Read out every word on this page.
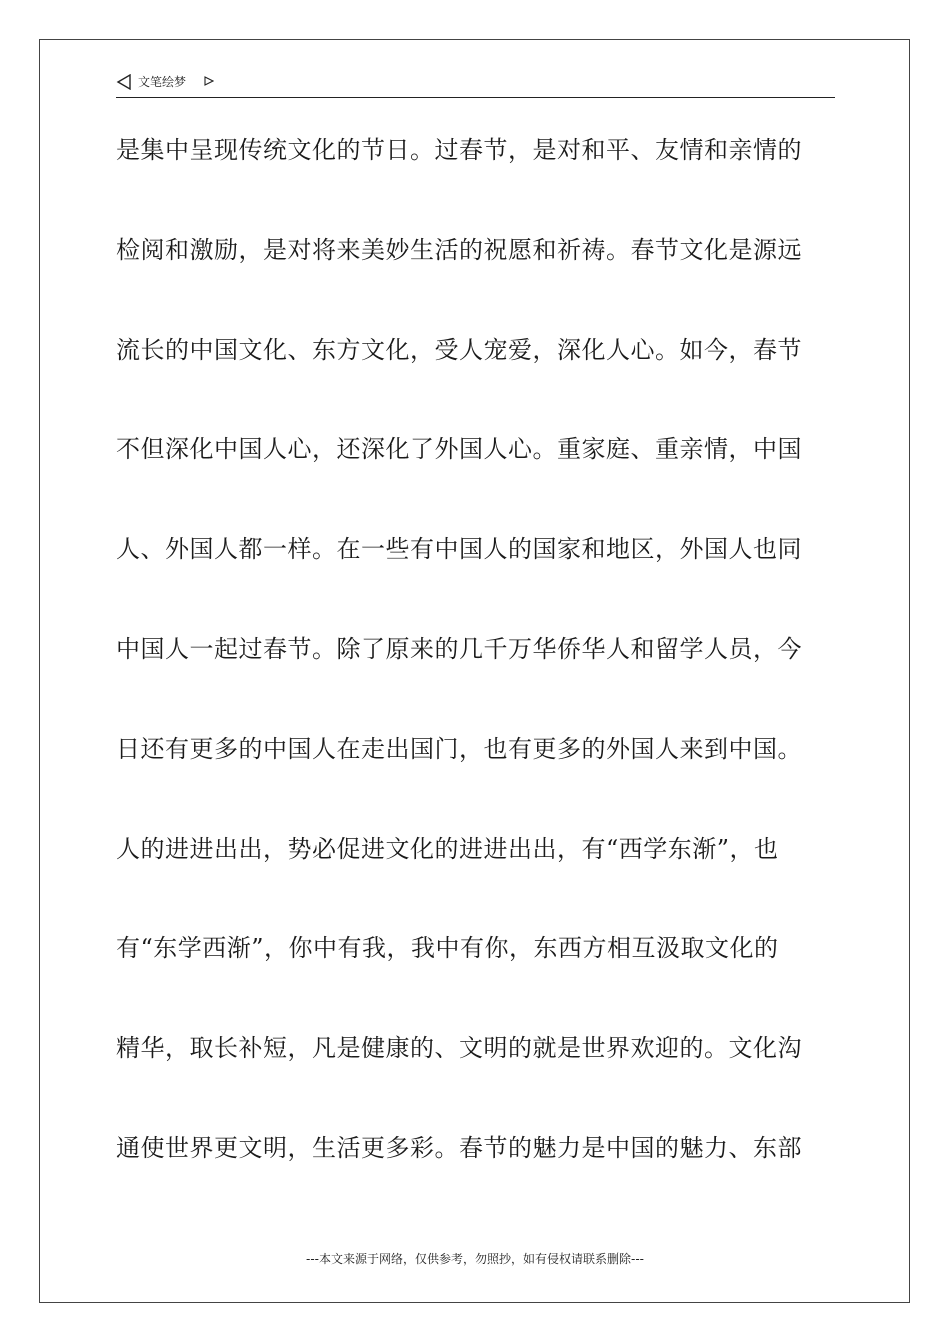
文笔绘梦
是集中呈现传统文化的节日。过春节，是对和平、友情和亲情的
检阅和激励，是对将来美妙生活的祝愿和祈祷。春节文化是源远
流长的中国文化、东方文化，受人宠爱，深化人心。如今，春节
不但深化中国人心，还深化了外国人心。重家庭、重亲情，中国
人、外国人都一样。在一些有中国人的国家和地区，外国人也同
中国人一起过春节。除了原来的几千万华侨华人和留学人员，今
日还有更多的中国人在走出国门，也有更多的外国人来到中国。
人的进进出出，势必促进文化的进进出出，有“西学东渐”，也
有“东学西渐”，你中有我，我中有你，东西方相互汲取文化的
精华，取长补短，凡是健康的、文明的就是世界欢迎的。文化沟
通使世界更文明，生活更多彩。春节的魅力是中国的魅力、东部
---本文来源于网络，仅供参考，勿照抄，如有侵权请联系删除---
